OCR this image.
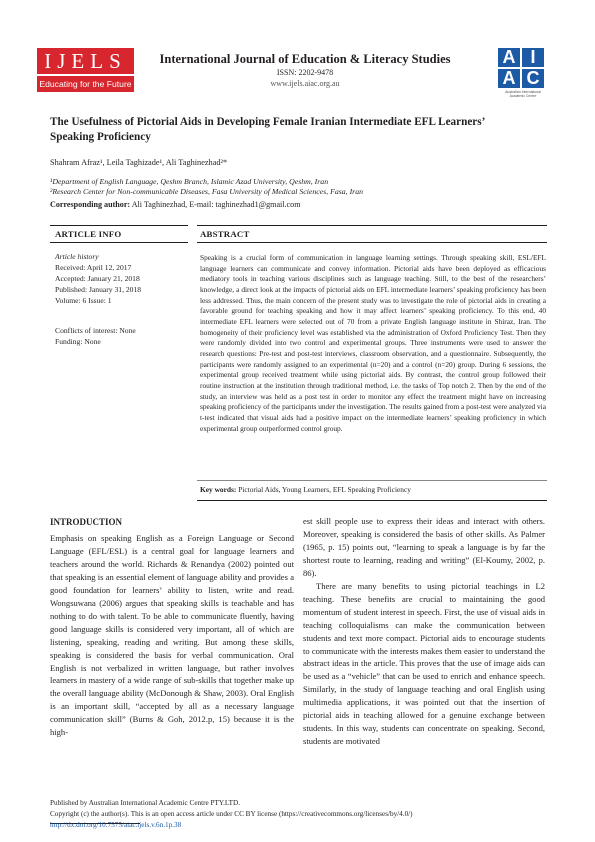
IJELS
Educating for the Future
International Journal of Education & Literacy Studies
ISSN: 2202-9478
www.ijels.aiac.org.au
A I
A C
Australian International Academic Centre
The Usefulness of Pictorial Aids in Developing Female Iranian Intermediate EFL Learners’
Speaking Proficiency
Shahram Afraz¹, Leila Taghizade¹, Ali Taghinezhad²*
¹Department of English Language, Qeshm Branch, Islamic Azad University, Qeshm, Iran
²Research Center for Non-communicable Diseases, Fasa University of Medical Sciences, Fasa, Iran
Corresponding author: Ali Taghinezhad, E-mail: taghinezhad1@gmail.com
ARTICLE INFO	ABSTRACT
Article history
Received: April 12, 2017
Accepted: January 21, 2018
Published: January 31, 2018
Volume: 6 Issue: 1
Conflicts of interest: None
Funding: None
Speaking is a crucial form of communication in language learning settings. Through speaking skill, ESL/EFL language learners can communicate and convey information. Pictorial aids have been deployed as efficacious mediatory tools in teaching various disciplines such as language teaching. Still, to the best of the researchers’ knowledge, a direct look at the impacts of pictorial aids on EFL intermediate learners’ speaking proficiency has been less addressed. Thus, the main concern of the present study was to investigate the role of pictorial aids in creating a favorable ground for teaching speaking and how it may affect learners’ speaking proficiency. To this end, 40 intermediate EFL learners were selected out of 70 from a private English language institute in Shiraz, Iran. The homogeneity of their proficiency level was established via the administration of Oxford Proficiency Test. Then they were randomly divided into two control and experimental groups. Three instruments were used to answer the research questions: Pre-test and post-test interviews, classroom observation, and a questionnaire. Subsequently, the participants were randomly assigned to an experimental (n=20) and a control (n=20) group. During 6 sessions, the experimental group received treatment while using pictorial aids. By contrast, the control group followed their routine instruction at the institution through traditional method, i.e. the tasks of Top notch 2. Then by the end of the study, an interview was held as a post test in order to monitor any effect the treatment might have on increasing speaking proficiency of the participants under the investigation. The results gained from a post-test were analyzed via t-test indicated that visual aids had a positive impact on the intermediate learners’ speaking proficiency in which experimental group outperformed control group.
Key words: Pictorial Aids, Young Learners, EFL Speaking Proficiency
INTRODUCTION

Emphasis on speaking English as a Foreign Language or Second Language (EFL/ESL) is a central goal for language learners and teachers around the world. Richards & Renandya (2002) pointed out that speaking is an essential element of language ability and provides a good foundation for learners’ ability to listen, write and read. Wongsuwana (2006) argues that speaking skills is teachable and has nothing to do with talent. To be able to communicate fluently, having good language skills is considered very important, all of which are listening, speaking, reading and writing. But among these skills, speaking is considered the basis for verbal communication. Oral English is not verbalized in written language, but rather involves learners in mastery of a wide range of sub-skills that together make up the overall language ability (McDonough & Shaw, 2003). Oral English is an important skill, “accepted by all as a necessary language communication skill” (Burns & Goh, 2012.p, 15) because it is the high-

est skill people use to express their ideas and interact with others. Moreover, speaking is considered the basis of other skills. As Palmer (1965, p. 15) points out, “learning to speak a language is by far the shortest route to learning, reading and writing” (El-Koumy, 2002, p. 86).

There are many benefits to using pictorial teachings in L2 teaching. These benefits are crucial to maintaining the good momentum of student interest in speech. First, the use of visual aids in teaching colloquialisms can make the communication between students and text more compact. Pictorial aids to encourage students to communicate with the interests makes them easier to understand the abstract ideas in the article. This proves that the use of image aids can be used as a “vehicle” that can be used to enrich and enhance speech. Similarly, in the study of language teaching and oral English using multimedia applications, it was pointed out that the insertion of pictorial aids in teaching allowed for a genuine exchange between students. In this way, students can concentrate on speaking. Second, students are motivated

Published by Australian International Academic Centre PTY.LTD.
Copyright (c) the author(s). This is an open access article under CC BY license (https://creativecommons.org/licenses/by/4.0/)
http://dx.doi.org/10.7575/aiac.ijels.v.6n.1p.38
